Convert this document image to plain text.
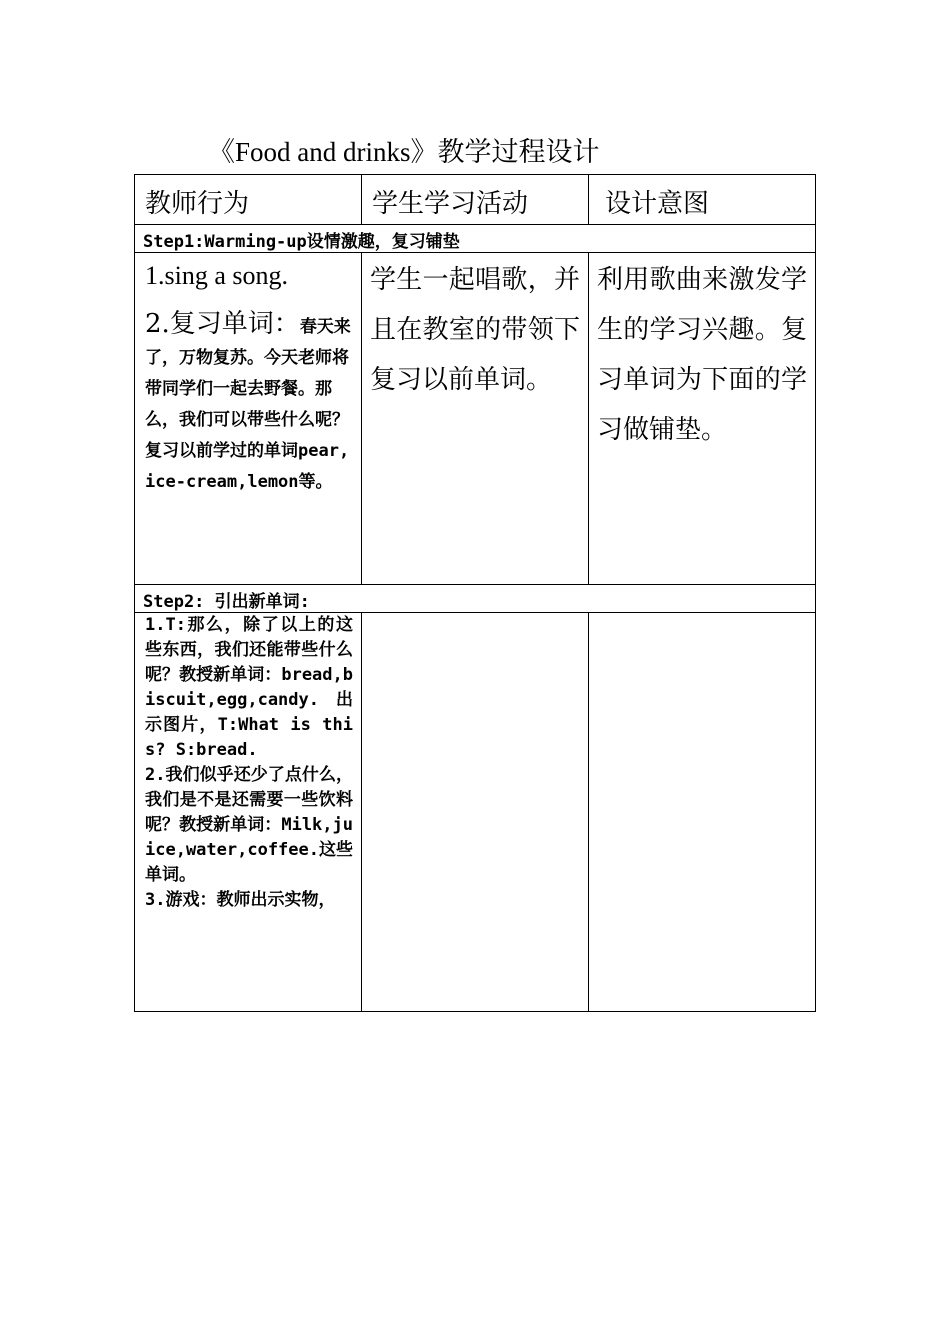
《Food and drinks》教学过程设计
教师行为	学生学习活动	设计意图
Step1:Warming-up设情激趣，复习铺垫		

1.sing a song.
2.复习单词：春天来了，万物复苏。今天老师将带同学们一起去野餐。那么，我们可以带些什么呢？复习以前学过的单词pear,ice-cream,lemon等。	学生一起唱歌，并且在教室的带领下复习以前单词。	利用歌曲来激发学生的学习兴趣。复习单词为下面的学习做铺垫。

Step2: 引出新单词:		

1.T:那么，除了以上的这些东西，我们还能带些什么呢？教授新单词：bread,biscuit,egg,candy. 出示图片，T:What is this? S:bread.
2.我们似乎还少了点什么，我们是不是还需要一些饮料呢？教授新单词：Milk,juice,water,coffee.这些单词。
3.游戏：教师出示实物，		
